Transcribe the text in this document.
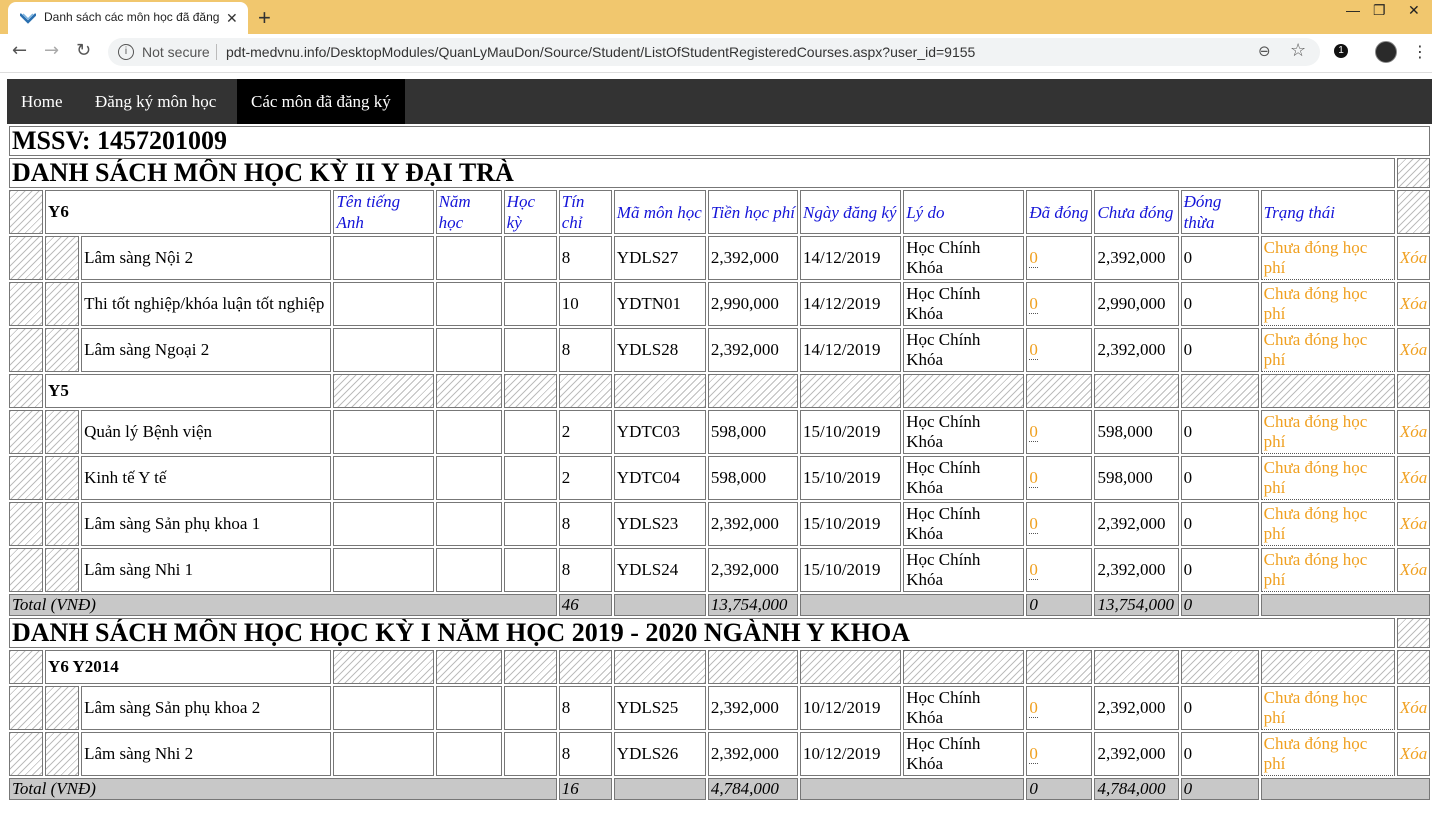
Danh sách các môn học đã đăng ✕ +	— ❐ ✕
← → ↻	i	Not secure pdt-medvnu.info/DesktopModules/QuanLyMauDon/Source/Student/ListOfStudentRegisteredCourses.aspx?user_id=9155	⊖ ☆	1	⋮
Home	Đăng ký môn học	Các môn đã đăng ký
MSSV: 1457201009															
DANH SÁCH MÔN HỌC KỲ II Y ĐẠI TRÀ															
	Y6		Tên tiếng Anh	Năm học	Học kỳ	Tín chỉ	Mã môn học	Tiền học phí	Ngày đăng ký	Lý do	Đã đóng	Chưa đóng	Đóng thừa	Trạng thái	
		Lâm sàng Nội 2				8	YDLS27	2,392,000	14/12/2019	Học Chính Khóa	0	2,392,000	0	Chưa đóng học phí	Xóa
		Thi tốt nghiệp/khóa luận tốt nghiệp				10	YDTN01	2,990,000	14/12/2019	Học Chính Khóa	0	2,990,000	0	Chưa đóng học phí	Xóa
		Lâm sàng Ngoại 2				8	YDLS28	2,392,000	14/12/2019	Học Chính Khóa	0	2,392,000	0	Chưa đóng học phí	Xóa
	Y5														
		Quản lý Bệnh viện				2	YDTC03	598,000	15/10/2019	Học Chính Khóa	0	598,000	0	Chưa đóng học phí	Xóa
		Kinh tế Y tế				2	YDTC04	598,000	15/10/2019	Học Chính Khóa	0	598,000	0	Chưa đóng học phí	Xóa
		Lâm sàng Sản phụ khoa 1				8	YDLS23	2,392,000	15/10/2019	Học Chính Khóa	0	2,392,000	0	Chưa đóng học phí	Xóa
		Lâm sàng Nhi 1				8	YDLS24	2,392,000	15/10/2019	Học Chính Khóa	0	2,392,000	0	Chưa đóng học phí	Xóa
Total (VNĐ)						46		13,754,000			0	13,754,000	0		
DANH SÁCH MÔN HỌC HỌC KỲ I NĂM HỌC 2019 - 2020 NGÀNH Y KHOA															
	Y6 Y2014														
		Lâm sàng Sản phụ khoa 2				8	YDLS25	2,392,000	10/12/2019	Học Chính Khóa	0	2,392,000	0	Chưa đóng học phí	Xóa
		Lâm sàng Nhi 2				8	YDLS26	2,392,000	10/12/2019	Học Chính Khóa	0	2,392,000	0	Chưa đóng học phí	Xóa
Total (VNĐ)						16		4,784,000			0	4,784,000	0		
